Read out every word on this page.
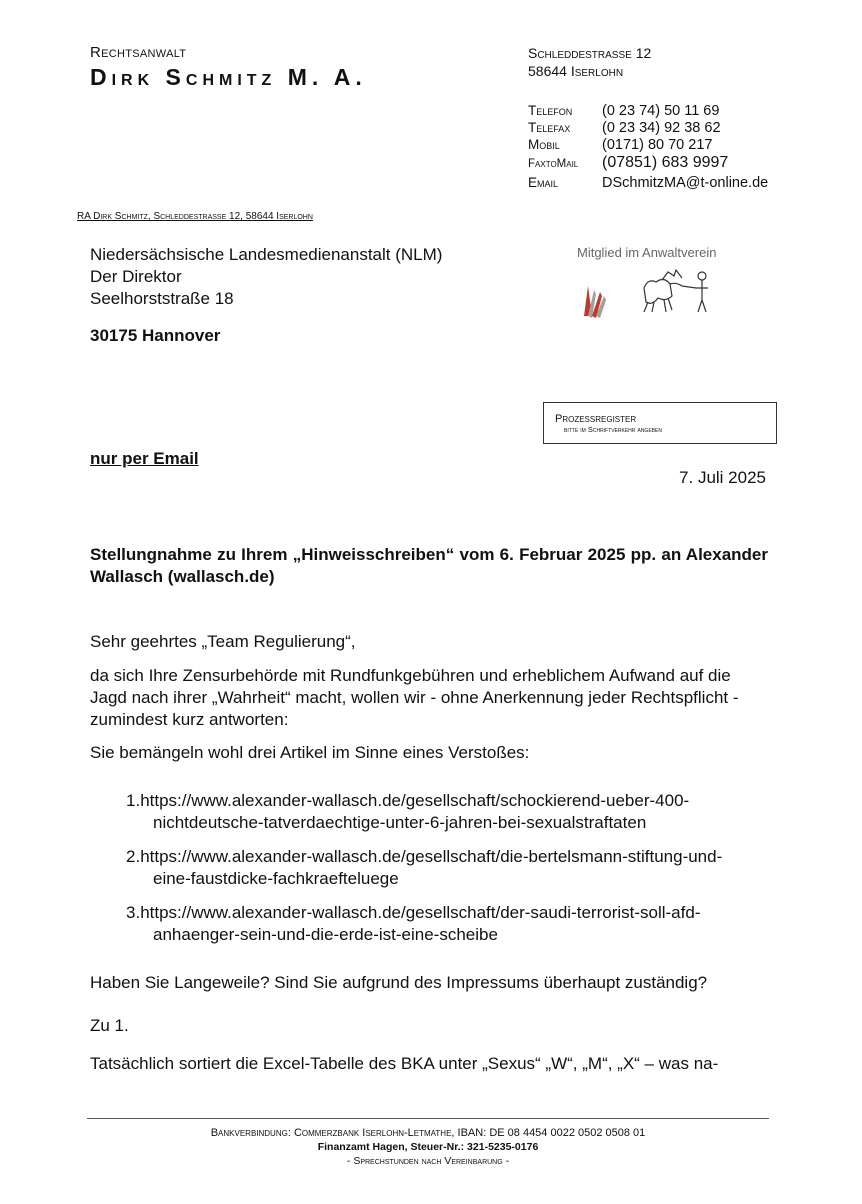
Rechtsanwalt
Dirk Schmitz M. A.
Schleddestrasse 12
58644 Iserlohn
Telefon	(0 23 74) 50 11 69
Telefax	(0 23 34) 92 38 62
Mobil	(0171) 80 70 217
FaxtoMail	(07851) 683 9997
Email	DSchmitzMA@t-online.de
RA Dirk Schmitz, Schleddestrasse 12, 58644 Iserlohn
Niedersächsische Landesmedienanstalt (NLM)
Der Direktor
Seelhorststraße 18
30175 Hannover
Mitglied im Anwaltverein
Prozeßregister
bitte im Schriftverkehr angeben
nur per Email
7. Juli 2025
Stellungnahme zu Ihrem „Hinweisschreiben“ vom 6. Februar 2025 pp. an Alexander Wallasch (wallasch.de)
Sehr geehrtes „Team Regulierung“,
da sich Ihre Zensurbehörde mit Rundfunkgebühren und erheblichem Aufwand auf die Jagd nach ihrer „Wahrheit“ macht, wollen wir - ohne Anerkennung jeder Rechtspflicht - zumindest kurz antworten:
Sie bemängeln wohl drei Artikel im Sinne eines Verstoßes:
1.https://www.alexander-wallasch.de/gesellschaft/schockierend-ueber-400-
nichtdeutsche-tatverdaechtige-unter-6-jahren-bei-sexualstraftaten
2.https://www.alexander-wallasch.de/gesellschaft/die-bertelsmann-stiftung-und-
eine-faustdicke-fachkraefteluege
3.https://www.alexander-wallasch.de/gesellschaft/der-saudi-terrorist-soll-afd-
anhaenger-sein-und-die-erde-ist-eine-scheibe
Haben Sie Langeweile? Sind Sie aufgrund des Impressums überhaupt zuständig?
Zu 1.
Tatsächlich sortiert die Excel-Tabelle des BKA unter „Sexus“ „W“, „M“, „X“ – was na-
Bankverbindung: Commerzbank Iserlohn-Letmathe, IBAN: DE 08 4454 0022 0502 0508 01
Finanzamt Hagen, Steuer-Nr.: 321-5235-0176
- Sprechstunden nach Vereinbarung -
